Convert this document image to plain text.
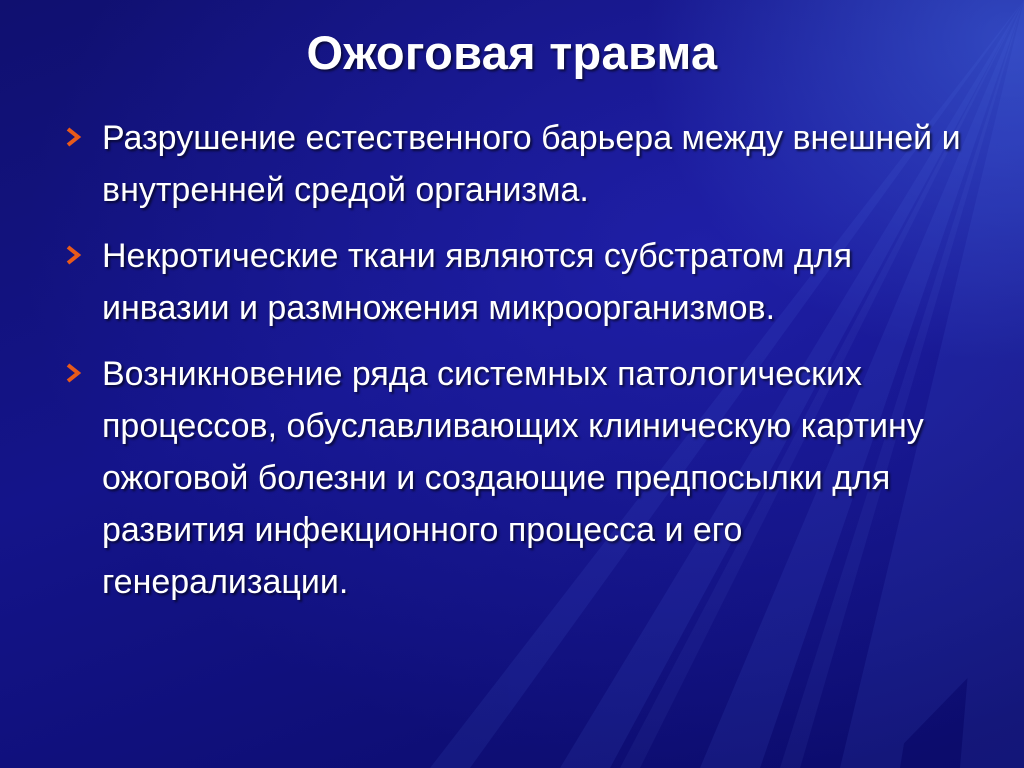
Ожоговая травма
Разрушение естественного барьера между внешней и внутренней средой организма.
Некротические ткани являются субстратом для инвазии и размножения микроорганизмов.
Возникновение ряда системных патологических процессов, обуславливающих клиническую картину ожоговой болезни и создающие предпосылки для развития инфекционного процесса и его генерализации.
